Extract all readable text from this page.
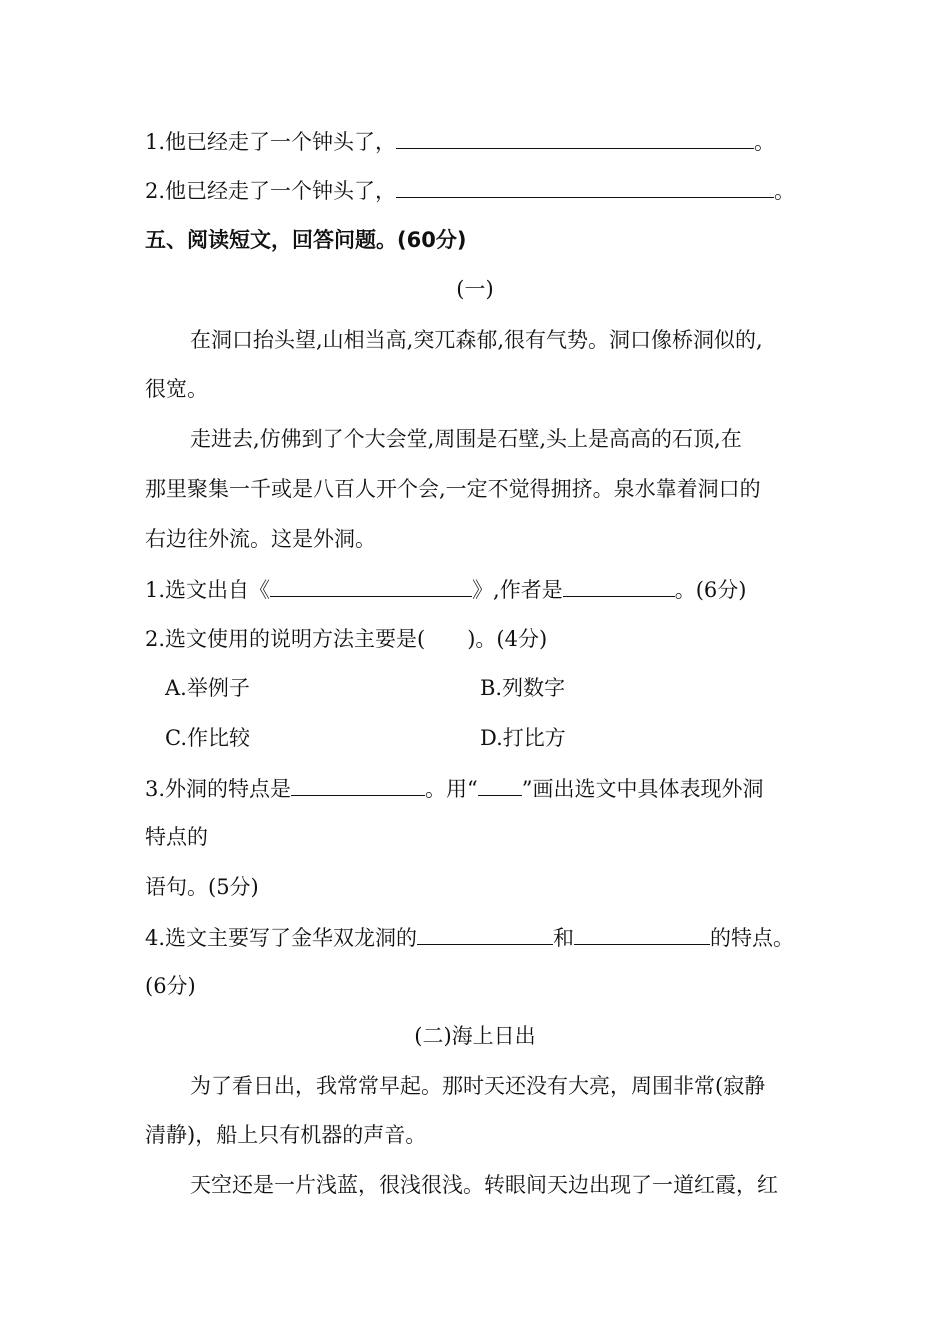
1.他已经走了一个钟头了，	。
2.他已经走了一个钟头了，	。
五、阅读短文，回答问题。(60分)
(一)
在洞口抬头望,山相当高,突兀森郁,很有气势。洞口像桥洞似的,
很宽。
走进去,仿佛到了个大会堂,周围是石壁,头上是高高的石顶,在
那里聚集一千或是八百人开个会,一定不觉得拥挤。泉水靠着洞口的
右边往外流。这是外洞。
1.选文出自《	》,作者是	。(6分)
2.选文使用的说明方法主要是(　　)。(4分)
A.举例子	B.列数字
C.作比较	D.打比方
3.外洞的特点是	。用“ ”画出选文中具体表现外洞
特点的
语句。(5分)
4.选文主要写了金华双龙洞的	和	的特点。
(6分)
(二)海上日出
为了看日出，我常常早起。那时天还没有大亮，周围非常(寂静
清静)，船上只有机器的声音。
天空还是一片浅蓝，很浅很浅。转眼间天边出现了一道红霞，红
